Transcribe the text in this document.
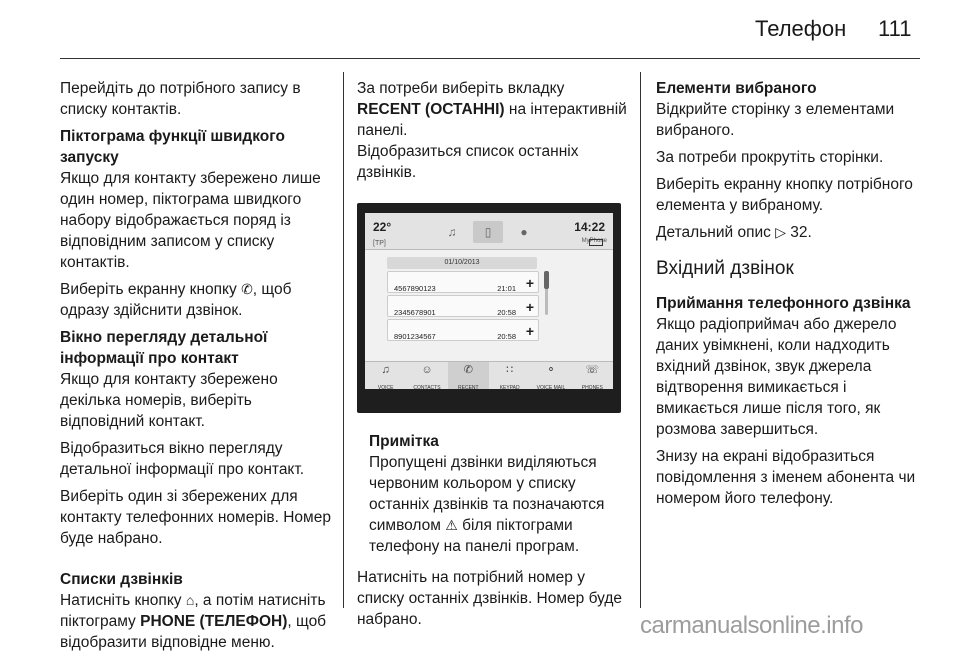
Телефон 111

Перейдіть до потрібного запису в списку контактів.

Піктограма функції швидкого запуску

Якщо для контакту збережено лише один номер, піктограма швидкого набору відображається поряд із відповідним записом у списку контактів.

Виберіть екранну кнопку ✆, щоб одразу здійснити дзвінок.

Вікно перегляду детальної інформації про контакт

Якщо для контакту збережено декілька номерів, виберіть відповідний контакт.

Відобразиться вікно перегляду детальної інформації про контакт.

Виберіть один зі збережених для контакту телефонних номерів. Номер буде набрано.

Списки дзвінків

Натисніть кнопку ⌂, а потім натисніть піктограму PHONE (ТЕЛЕФОН), щоб відобразити відповідне меню.

За потреби виберіть вкладку RECENT (ОСТАННІ) на інтерактивній панелі.

Відобразиться список останніх дзвінків.

22°
[TP]
♫	▯	●	14:22
MyPhone
01/10/2013
4567890123	21:01 +
2345678901	20:58 +
8901234567	20:58 +
♫
VOICE
☺
CONTACTS
✆
RECENT
∷
KEYPAD
⚬
VOICE MAIL
☏
PHONES

Примітка

Пропущені дзвінки виділяються червоним кольором у списку останніх дзвінків та позначаются символом ⚠ біля піктограми телефону на панелі програм.

Натисніть на потрібний номер у списку останніх дзвінків. Номер буде набрано.

Елементи вибраного

Відкрийте сторінку з елементами вибраного.

За потреби прокрутіть сторінки.

Виберіть екранну кнопку потрібного елемента у вибраному.

Детальний опис ▷ 32.

Вхідний дзвінок

Приймання телефонного дзвінка

Якщо радіоприймач або джерело даних увімкнені, коли надходить вхідний дзвінок, звук джерела відтворення вимикається і вмикається лише після того, як розмова завершиться.

Знизу на екрані відобразиться повідомлення з іменем абонента чи номером його телефону.

carmanualsonline.info
